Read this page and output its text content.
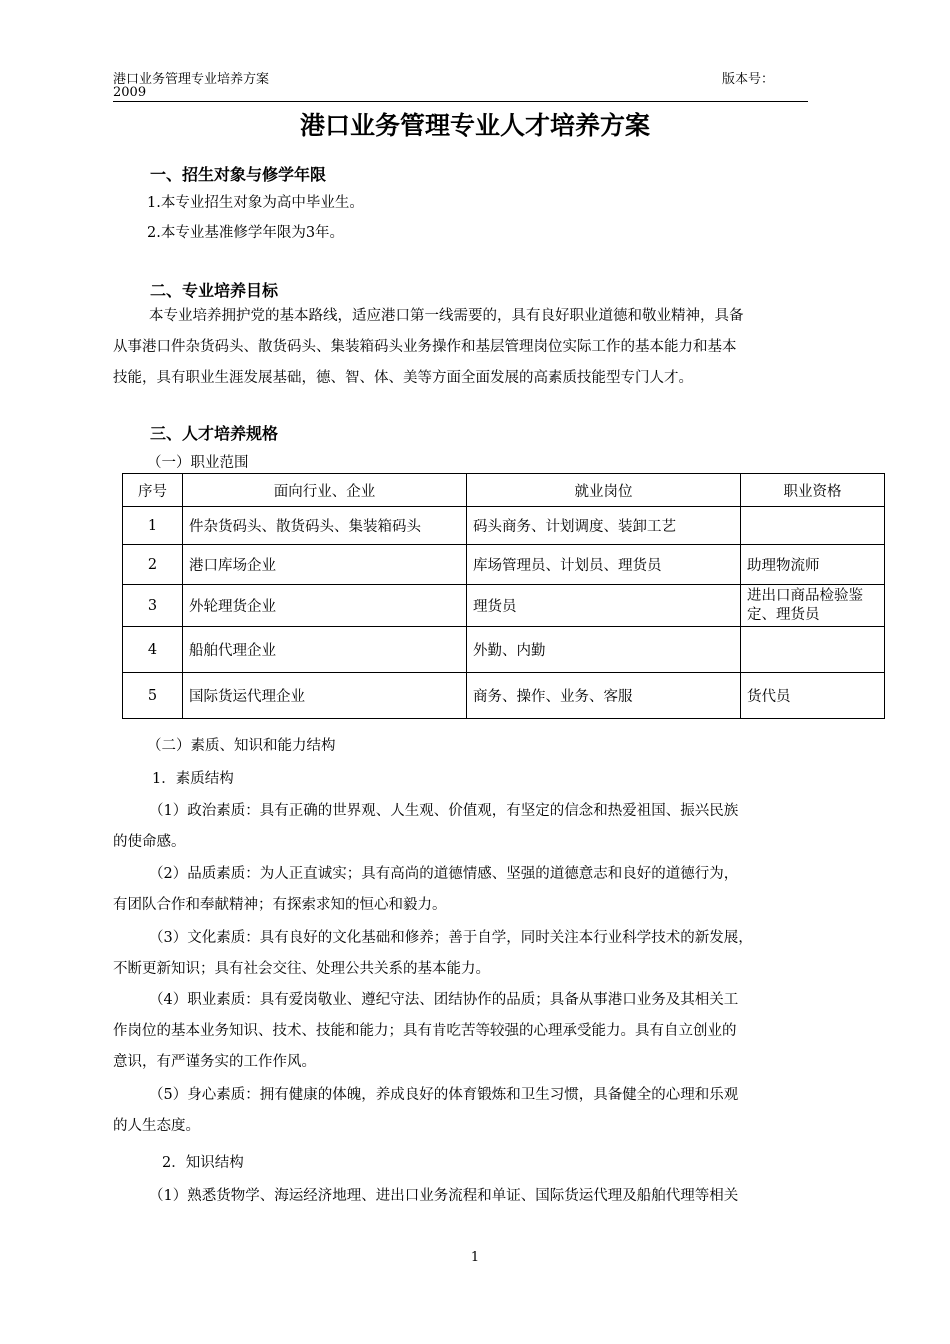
港口业务管理专业培养方案	版本号：
2009
港口业务管理专业人才培养方案
一、招生对象与修学年限
1.本专业招生对象为高中毕业生。
2.本专业基准修学年限为3年。
二、专业培养目标
本专业培养拥护党的基本路线，适应港口第一线需要的，具有良好职业道德和敬业精神，具备
从事港口件杂货码头、散货码头、集装箱码头业务操作和基层管理岗位实际工作的基本能力和基本
技能，具有职业生涯发展基础，德、智、体、美等方面全面发展的高素质技能型专门人才。
三、人才培养规格
（一）职业范围
序号	面向行业、企业	就业岗位	职业资格
1	件杂货码头、散货码头、集装箱码头	码头商务、计划调度、装卸工艺	
2	港口库场企业	库场管理员、计划员、理货员	助理物流师
3	外轮理货企业	理货员	进出口商品检验鉴定、理货员
4	船舶代理企业	外勤、内勤	
5	国际货运代理企业	商务、操作、业务、客服	货代员
（二）素质、知识和能力结构
1．素质结构
（1）政治素质：具有正确的世界观、人生观、价值观，有坚定的信念和热爱祖国、振兴民族
的使命感。
（2）品质素质：为人正直诚实；具有高尚的道德情感、坚强的道德意志和良好的道德行为，
有团队合作和奉献精神；有探索求知的恒心和毅力。
（3）文化素质：具有良好的文化基础和修养；善于自学，同时关注本行业科学技术的新发展，
不断更新知识；具有社会交往、处理公共关系的基本能力。
（4）职业素质：具有爱岗敬业、遵纪守法、团结协作的品质；具备从事港口业务及其相关工
作岗位的基本业务知识、技术、技能和能力；具有肯吃苦等较强的心理承受能力。具有自立创业的
意识，有严谨务实的工作作风。
（5）身心素质：拥有健康的体魄，养成良好的体育锻炼和卫生习惯，具备健全的心理和乐观
的人生态度。
2．知识结构
（1）熟悉货物学、海运经济地理、进出口业务流程和单证、国际货运代理及船舶代理等相关
1
